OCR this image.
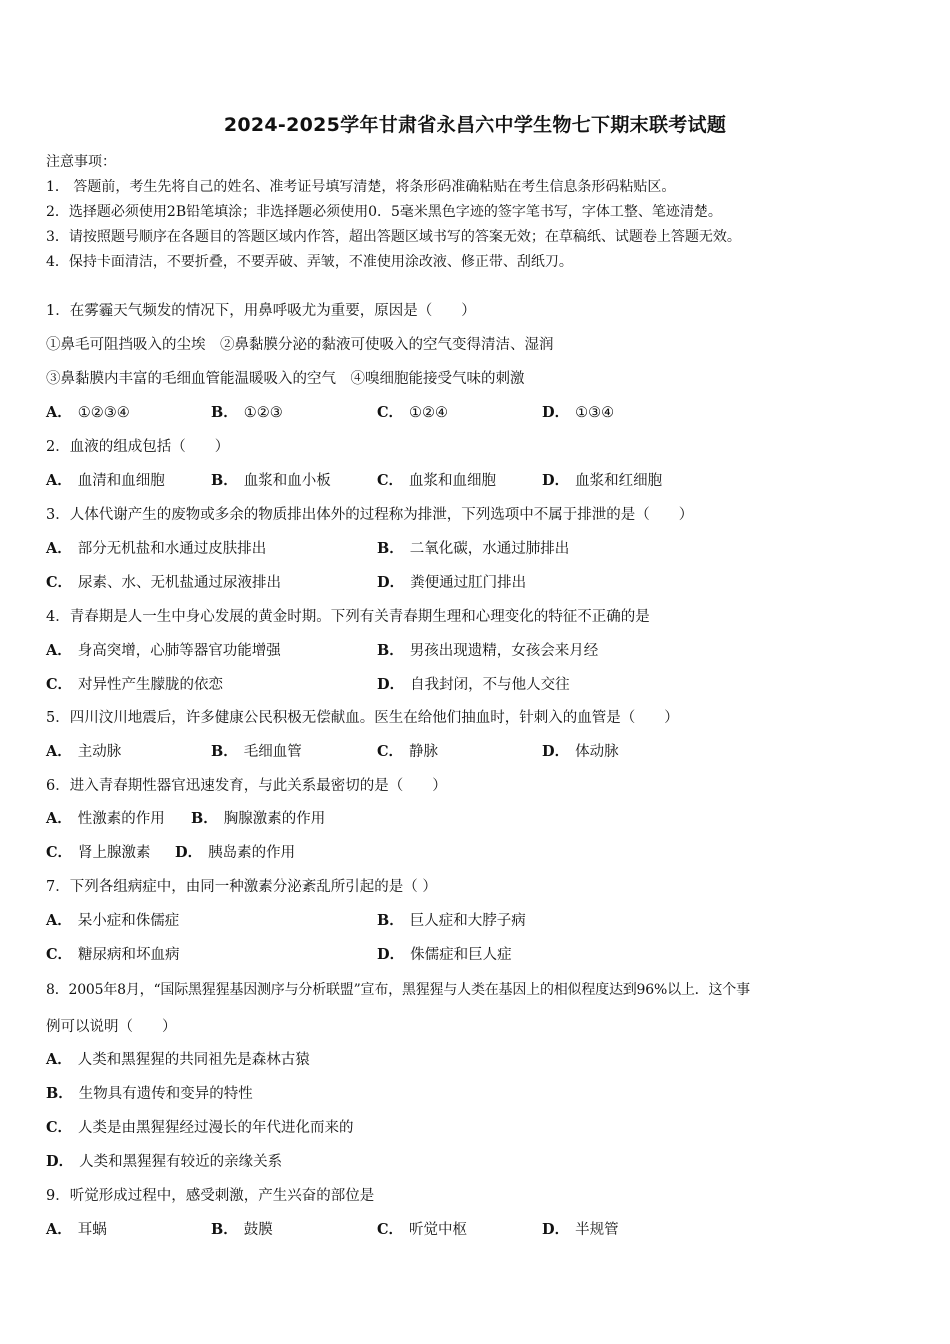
2024-2025学年甘肃省永昌六中学生物七下期末联考试题
注意事项：
1． 答题前，考生先将自己的姓名、准考证号填写清楚，将条形码准确粘贴在考生信息条形码粘贴区。
2．选择题必须使用2B铅笔填涂；非选择题必须使用0．5毫米黑色字迹的签字笔书写，字体工整、笔迹清楚。
3．请按照题号顺序在各题目的答题区域内作答，超出答题区域书写的答案无效；在草稿纸、试题卷上答题无效。
4．保持卡面清洁，不要折叠，不要弄破、弄皱，不准使用涂改液、修正带、刮纸刀。
1．在雾霾天气频发的情况下，用鼻呼吸尤为重要，原因是（　　）
①鼻毛可阻挡吸入的尘埃　②鼻黏膜分泌的黏液可使吸入的空气变得清洁、湿润
③鼻黏膜内丰富的毛细血管能温暖吸入的空气　④嗅细胞能接受气味的刺激
A． ①②③④	B． ①②③	C． ①②④	D． ①③④
2．血液的组成包括（　　）
A． 血清和血细胞	B． 血浆和血小板	C． 血浆和血细胞	D． 血浆和红细胞
3．人体代谢产生的废物或多余的物质排出体外的过程称为排泄，下列选项中不属于排泄的是（　　）
A． 部分无机盐和水通过皮肤排出	B． 二氧化碳，水通过肺排出
C． 尿素、水、无机盐通过尿液排出	D． 粪便通过肛门排出
4．青春期是人一生中身心发展的黄金时期。下列有关青春期生理和心理变化的特征不正确的是
A． 身高突增，心肺等器官功能增强	B． 男孩出现遗精，女孩会来月经
C． 对异性产生朦胧的依恋	D． 自我封闭，不与他人交往
5．四川汶川地震后，许多健康公民积极无偿献血。医生在给他们抽血时，针刺入的血管是（　　）
A． 主动脉	B． 毛细血管	C． 静脉	D． 体动脉
6．进入青春期性器官迅速发育，与此关系最密切的是（　　）
A． 性激素的作用 B． 胸腺激素的作用
C． 肾上腺激素 D． 胰岛素的作用
7．下列各组病症中，由同一种激素分泌紊乱所引起的是（ ）
A． 呆小症和侏儒症	B． 巨人症和大脖子病
C． 糖尿病和坏血病	D． 侏儒症和巨人症
8．2005年8月，“国际黑猩猩基因测序与分析联盟”宣布，黑猩猩与人类在基因上的相似程度达到96%以上．这个事
例可以说明（　　）
A． 人类和黑猩猩的共同祖先是森林古猿
B． 生物具有遗传和变异的特性
C． 人类是由黑猩猩经过漫长的年代进化而来的
D． 人类和黑猩猩有较近的亲缘关系
9．听觉形成过程中，感受刺激，产生兴奋的部位是
A． 耳蜗	B． 鼓膜	C． 听觉中枢	D． 半规管
